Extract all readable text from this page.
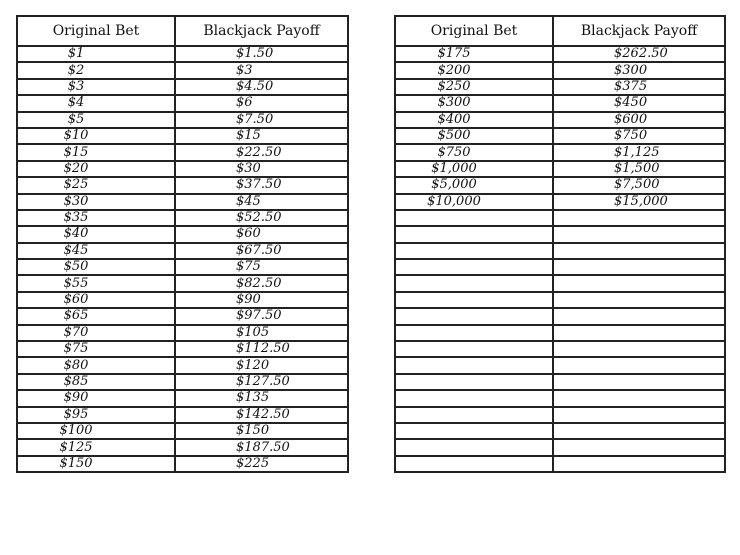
Original Bet	Blackjack Payoff
$1	$1.50
$2	$3
$3	$4.50
$4	$6
$5	$7.50
$10	$15
$15	$22.50
$20	$30
$25	$37.50
$30	$45
$35	$52.50
$40	$60
$45	$67.50
$50	$75
$55	$82.50
$60	$90
$65	$97.50
$70	$105
$75	$112.50
$80	$120
$85	$127.50
$90	$135
$95	$142.50
$100	$150
$125	$187.50
$150	$225
Original Bet	Blackjack Payoff
$175	$262.50
$200	$300
$250	$375
$300	$450
$400	$600
$500	$750
$750	$1,125
$1,000	$1,500
$5,000	$7,500
$10,000	$15,000
